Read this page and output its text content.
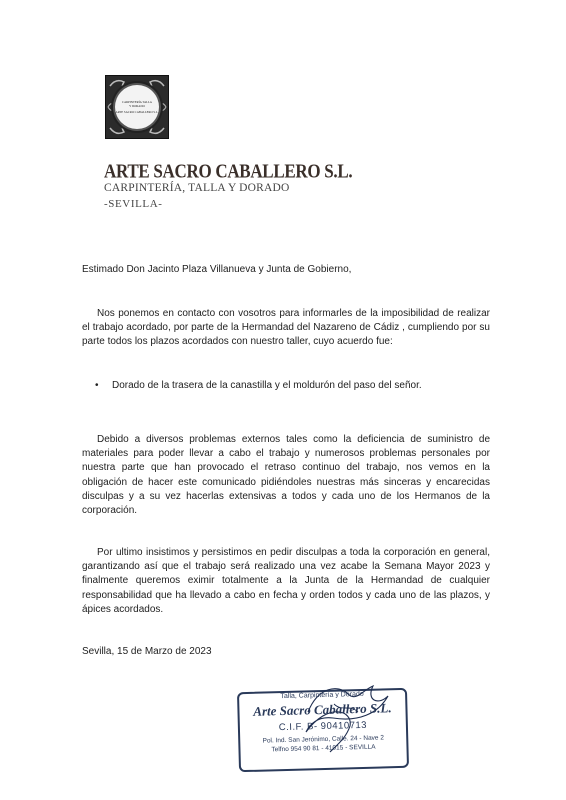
CARPINTERÍA TALLA
Y DORADO
ARTE SACRO CABALLERO S.L.
ARTE SACRO CABALLERO S.L.
CARPINTERÍA, TALLA Y DORADO
-SEVILLA-
Estimado Don Jacinto Plaza Villanueva y Junta de Gobierno,
Nos ponemos en contacto con vosotros para informarles de la imposibilidad de realizar el trabajo acordado, por parte de la Hermandad del Nazareno de Cádiz , cumpliendo por su parte todos los plazos acordados con nuestro taller, cuyo acuerdo fue:
• Dorado de la trasera de la canastilla y el moldurón del paso del señor.
Debido a diversos problemas externos tales como la deficiencia de suministro de materiales para poder llevar a cabo el trabajo y numerosos problemas personales por nuestra parte que han provocado el retraso continuo del trabajo, nos vemos en la obligación de hacer este comunicado pidiéndoles nuestras más sinceras y encarecidas disculpas y a su vez hacerlas extensivas a todos y cada uno de los Hermanos de la corporación.
Por ultimo insistimos y persistimos en pedir disculpas a toda la corporación en general, garantizando así que el trabajo será realizado una vez acabe la Semana Mayor 2023 y finalmente queremos eximir totalmente a la Junta de la Hermandad de cualquier responsabilidad que ha llevado a cabo en fecha y orden todos y cada uno de las plazos, y ápices acordados.
Sevilla, 15 de Marzo de 2023
Talla, Carpintería y Dorado
Arte Sacro Caballero S.L.
C.I.F. B- 90410713
Pol. Ind. San Jerónimo, Calle. 24 - Nave 2
Telfno 954 90 81 - 41015 - SEVILLA
